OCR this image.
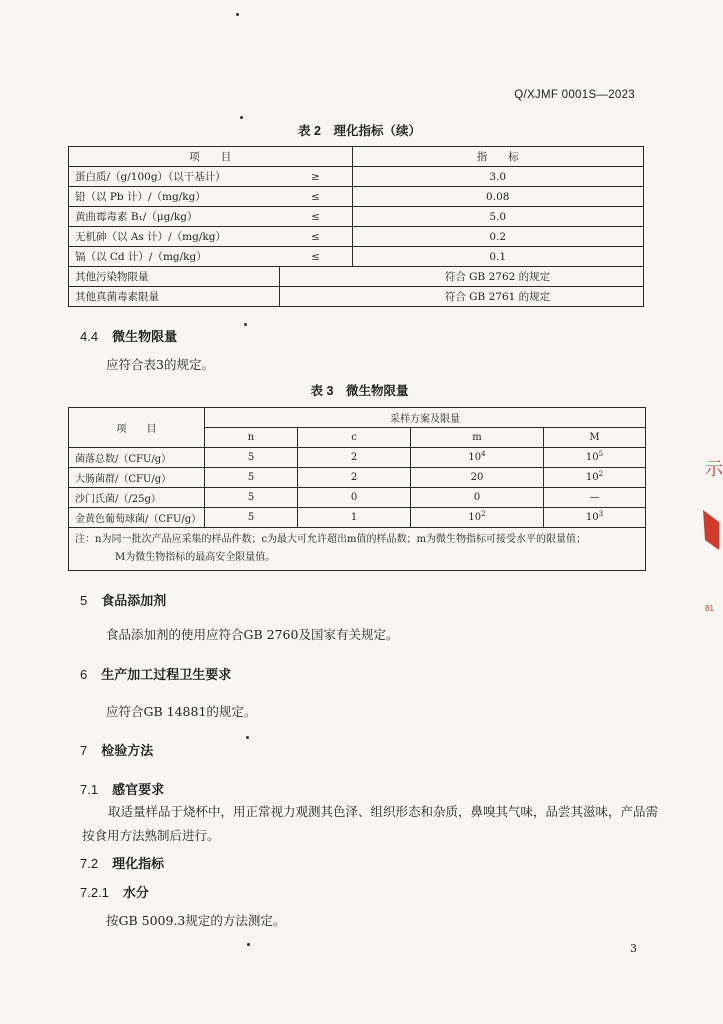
Q/XJMF 0001S—2023
表 2　理化指标（续）
项　　目		指　　标
蛋白质/（g/100g）（以干基计）	≥	3.0
铅（以 Pb 计）/（mg/kg）	≤	0.08
黄曲霉毒素 B₁/（μg/kg）	≤	5.0
无机砷（以 As 计）/（mg/kg）	≤	0.2
镉（以 Cd 计）/（mg/kg）	≤	0.1
其他污染物限量		符合 GB 2762 的规定
其他真菌毒素限量		符合 GB 2761 的规定
4.4 微生物限量
应符合表3的规定。
表 3　微生物限量
项　　目	采样方案及限量			
	n	c	m	M
菌落总数/（CFU/g）	5	2	$10^4$	$10^5$
大肠菌群/（CFU/g）	5	2	20	$10^2$
沙门氏菌/（/25g）	5	0	0	—
金黄色葡萄球菌/（CFU/g）	5	1	$10^2$	$10^3$

注：n为同一批次产品应采集的样品件数；c为最大可允许超出m值的样品数；m为微生物指标可接受水平的限量值；
M为微生物指标的最高安全限量值。				
5 食品添加剂
食品添加剂的使用应符合GB 2760及国家有关规定。
6 生产加工过程卫生要求
应符合GB 14881的规定。
7 检验方法
7.1 感官要求
取适量样品于烧杯中，用正常视力观测其色泽、组织形态和杂质，鼻嗅其气味，品尝其滋味，产品需按食用方法熟制后进行。
7.2 理化指标
7.2.1 水分
按GB 5009.3规定的方法测定。
3
示
81
